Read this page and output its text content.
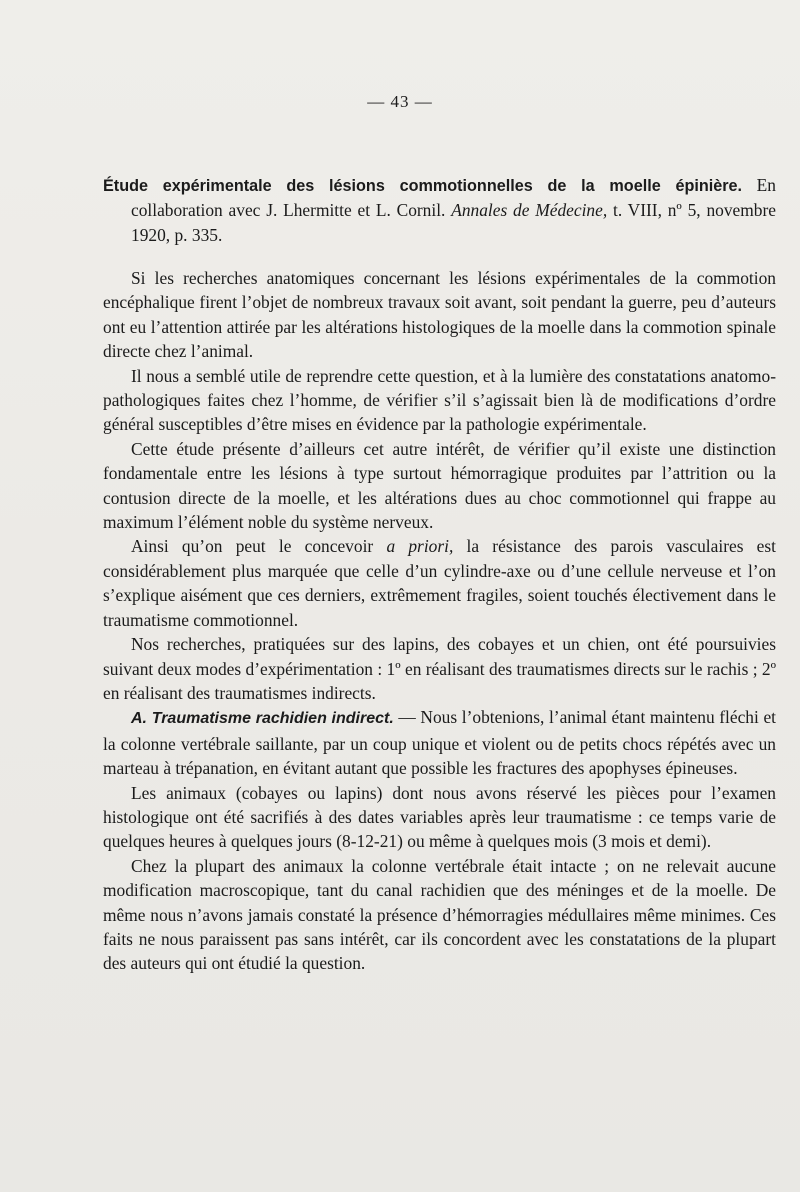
— 43 —

Étude expérimentale des lésions commotionnelles de la moelle épinière. En collaboration avec J. Lhermitte et L. Cornil. Annales de Médecine, t. VIII, nº 5, novembre 1920, p. 335.

Si les recherches anatomiques concernant les lésions expérimentales de la commotion encéphalique firent l’objet de nombreux travaux soit avant, soit pendant la guerre, peu d’auteurs ont eu l’attention attirée par les altérations histologiques de la moelle dans la commotion spinale directe chez l’animal.

Il nous a semblé utile de reprendre cette question, et à la lumière des constatations anatomo-pathologiques faites chez l’homme, de vérifier s’il s’agissait bien là de modifications d’ordre général susceptibles d’être mises en évidence par la pathologie expérimentale.

Cette étude présente d’ailleurs cet autre intérêt, de vérifier qu’il existe une distinction fondamentale entre les lésions à type surtout hémorragique produites par l’attrition ou la contusion directe de la moelle, et les altérations dues au choc commotionnel qui frappe au maximum l’élément noble du système nerveux.

Ainsi qu’on peut le concevoir a priori, la résistance des parois vasculaires est considérablement plus marquée que celle d’un cylindre-axe ou d’une cellule nerveuse et l’on s’explique aisément que ces derniers, extrêmement fragiles, soient touchés électivement dans le traumatisme commotionnel.

Nos recherches, pratiquées sur des lapins, des cobayes et un chien, ont été poursuivies suivant deux modes d’expérimentation : 1º en réalisant des traumatismes directs sur le rachis ; 2º en réalisant des traumatismes indirects.

A. Traumatisme rachidien indirect. — Nous l’obtenions, l’animal étant maintenu fléchi et la colonne vertébrale saillante, par un coup unique et violent ou de petits chocs répétés avec un marteau à trépanation, en évitant autant que possible les fractures des apophyses épineuses.

Les animaux (cobayes ou lapins) dont nous avons réservé les pièces pour l’examen histologique ont été sacrifiés à des dates variables après leur traumatisme : ce temps varie de quelques heures à quelques jours (8-12-21) ou même à quelques mois (3 mois et demi).

Chez la plupart des animaux la colonne vertébrale était intacte ; on ne relevait aucune modification macroscopique, tant du canal rachidien que des méninges et de la moelle. De même nous n’avons jamais constaté la présence d’hémorragies médullaires même minimes. Ces faits ne nous paraissent pas sans intérêt, car ils concordent avec les constatations de la plupart des auteurs qui ont étudié la question.
